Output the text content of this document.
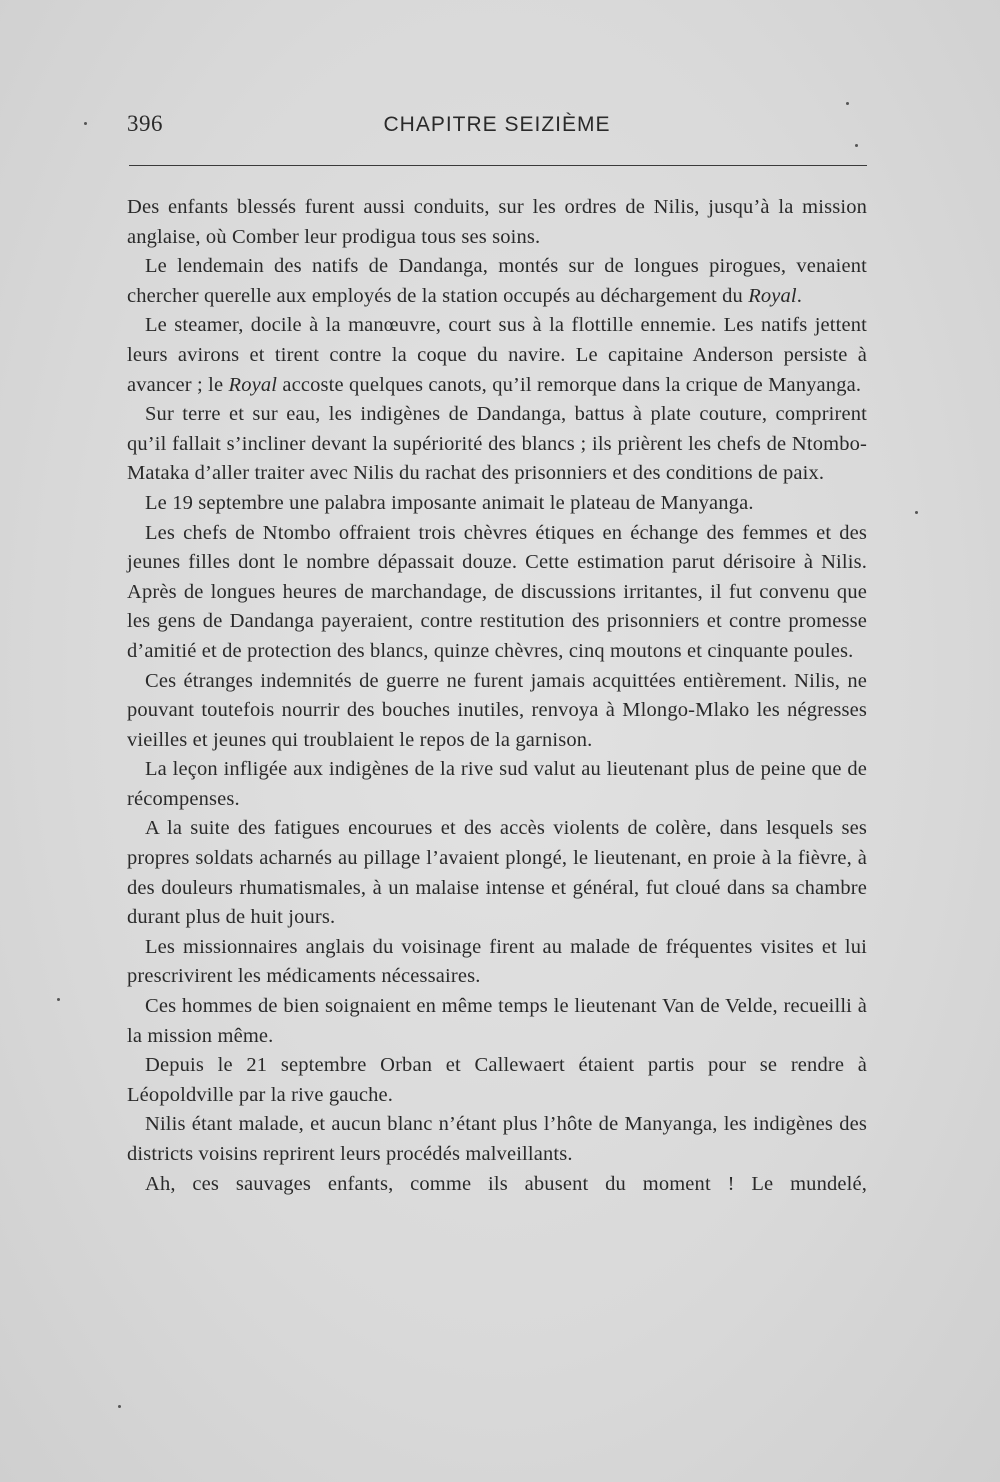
396	CHAPITRE SEIZIÈME

Des enfants blessés furent aussi conduits, sur les ordres de Nilis, jusqu’à la mission anglaise, où Comber leur prodigua tous ses soins.

Le lendemain des natifs de Dandanga, montés sur de longues pirogues, venaient chercher querelle aux employés de la station occupés au déchargement du Royal.

Le steamer, docile à la manœuvre, court sus à la flottille ennemie. Les natifs jettent leurs avirons et tirent contre la coque du navire. Le capitaine Anderson persiste à avancer ; le Royal accoste quelques canots, qu’il remorque dans la crique de Manyanga.

Sur terre et sur eau, les indigènes de Dandanga, battus à plate couture, comprirent qu’il fallait s’incliner devant la supériorité des blancs ; ils prièrent les chefs de Ntombo-Mataka d’aller traiter avec Nilis du rachat des prisonniers et des conditions de paix.

Le 19 septembre une palabra imposante animait le plateau de Manyanga.

Les chefs de Ntombo offraient trois chèvres étiques en échange des femmes et des jeunes filles dont le nombre dépassait douze. Cette estimation parut dérisoire à Nilis. Après de longues heures de marchandage, de discussions irritantes, il fut convenu que les gens de Dandanga payeraient, contre restitution des prisonniers et contre promesse d’amitié et de protection des blancs, quinze chèvres, cinq moutons et cinquante poules.

Ces étranges indemnités de guerre ne furent jamais acquittées entièrement. Nilis, ne pouvant toutefois nourrir des bouches inutiles, renvoya à Mlongo-Mlako les négresses vieilles et jeunes qui troublaient le repos de la garnison.

La leçon infligée aux indigènes de la rive sud valut au lieutenant plus de peine que de récompenses.

A la suite des fatigues encourues et des accès violents de colère, dans lesquels ses propres soldats acharnés au pillage l’avaient plongé, le lieutenant, en proie à la fièvre, à des douleurs rhumatismales, à un malaise intense et général, fut cloué dans sa chambre durant plus de huit jours.

Les missionnaires anglais du voisinage firent au malade de fréquentes visites et lui prescrivirent les médicaments nécessaires.

Ces hommes de bien soignaient en même temps le lieutenant Van de Velde, recueilli à la mission même.

Depuis le 21 septembre Orban et Callewaert étaient partis pour se rendre à Léopoldville par la rive gauche.

Nilis étant malade, et aucun blanc n’étant plus l’hôte de Manyanga, les indigènes des districts voisins reprirent leurs procédés malveillants.

Ah, ces sauvages enfants, comme ils abusent du moment ! Le mundelé,
